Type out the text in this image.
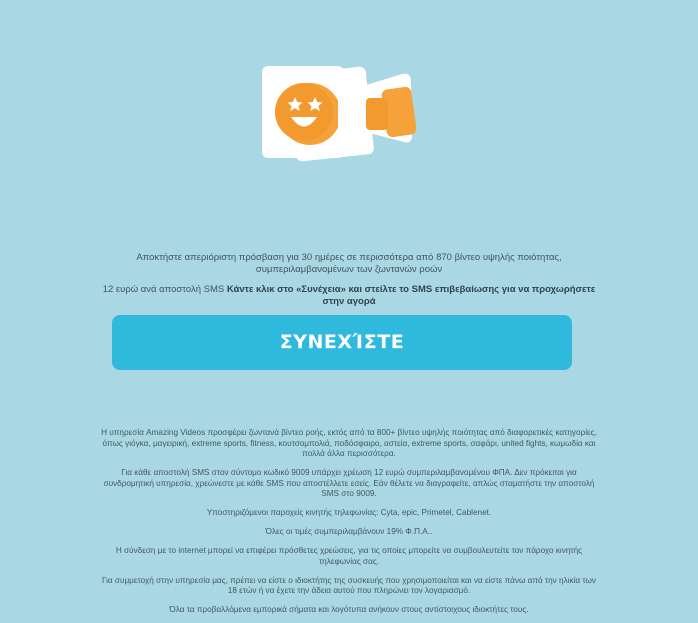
Αποκτήστε απεριόριστη πρόσβαση για 30 ημέρες σε περισσότερα από 870 βίντεο υψηλής ποιότητας, συμπεριλαμβανομένων των ζωντανών ροών
12 ευρώ ανά αποστολή SMS Κάντε κλικ στο «Συνέχεια» και στείλτε το SMS επιβεβαίωσης για να προχωρήσετε στην αγορά
ΣΥΝΕΧΊΣΤΕ

Η υπηρεσία Amazing Videos προσφέρει ζωντανά βίντεο ροής, εκτός από τα 800+ βίντεο υψηλής ποιότητας από διαφορετικές κατηγορίες, όπως γιόγκα, μαγειρική, extreme sports, fitness, κουτσομπολιά, ποδόσφαιρο, αστεία, extreme sports, σαφάρι, united fights, κωμωδία και πολλά άλλα περισσότερα.

Για κάθε αποστολή SMS στον σύντομο κωδικό 9009 υπάρχει χρέωση 12 ευρώ συμπεριλαμβανομένου ΦΠΑ. Δεν πρόκειται για συνδρομητική υπηρεσία, χρεώνεστε με κάθε SMS που αποστέλλετε εσείς. Εάν θέλετε να διαγραφείτε, απλώς σταματήστε την αποστολή SMS στο 9009.

Υποστηριζόμενοι παροχείς κινητής τηλεφωνίας: Cyta, epic, Primetel, Cablenet.

Όλες οι τιμές συμπεριλαμβάνουν 19% Φ.Π.Α..

Η σύνδεση με το internet μπορεί να επιφέρει πρόσθετες χρεώσεις, για τις οποίες μπορείτε να συμβουλευτείτε τον πάροχο κινητής τηλεφωνίας σας.

Για συμμετοχή στην υπηρεσία μας, πρέπει να είστε ο ιδιοκτήτης της συσκευής που χρησιμοποιείται και να είστε πάνω από την ηλικία των 18 ετών ή να έχετε την άδεια αυτού που πληρώνει τον λογαριασμό.

Όλα τα προβαλλόμενα εμπορικά σήματα και λογότυπα ανήκουν στους αντίστοιχους ιδιοκτήτες τους.
